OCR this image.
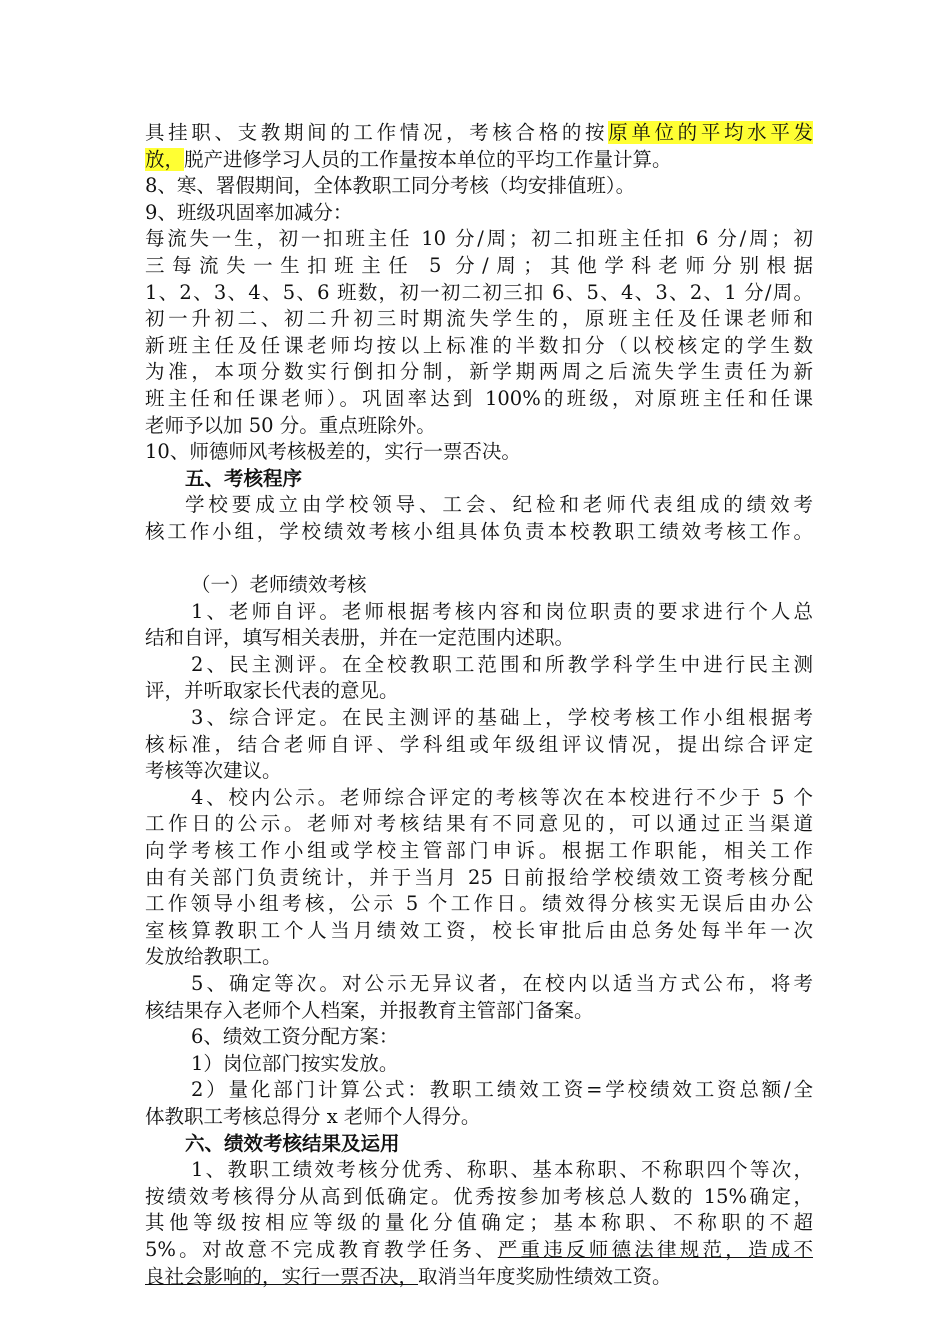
具挂职、支教期间的工作情况，考核合格的按原单位的平均水平发
放，脱产进修学习人员的工作量按本单位的平均工作量计算。
8、寒、署假期间，全体教职工同分考核（均安排值班）。
9、班级巩固率加减分：
每流失一生，初一扣班主任 10 分/周；初二扣班主任扣 6 分/周；初
三每流失一生扣班主任 5 分/周；其他学科老师分别根据
1、2、3、4、5、6 班数，初一初二初三扣 6、5、4、3、2、1 分/周。
初一升初二、初二升初三时期流失学生的，原班主任及任课老师和
新班主任及任课老师均按以上标准的半数扣分（以校核定的学生数
为准，本项分数实行倒扣分制，新学期两周之后流失学生责任为新
班主任和任课老师）。巩固率达到 100%的班级，对原班主任和任课
老师予以加 50 分。重点班除外。
10、师德师风考核极差的，实行一票否决。
五、考核程序
学校要成立由学校领导、工会、纪检和老师代表组成的绩效考
核工作小组，学校绩效考核小组具体负责本校教职工绩效考核工作。
（一）老师绩效考核
1、老师自评。老师根据考核内容和岗位职责的要求进行个人总
结和自评，填写相关表册，并在一定范围内述职。
2、民主测评。在全校教职工范围和所教学科学生中进行民主测
评，并听取家长代表的意见。
3、综合评定。在民主测评的基础上，学校考核工作小组根据考
核标准，结合老师自评、学科组或年级组评议情况，提出综合评定
考核等次建议。
4、校内公示。老师综合评定的考核等次在本校进行不少于 5 个
工作日的公示。老师对考核结果有不同意见的，可以通过正当渠道
向学考核工作小组或学校主管部门申诉。根据工作职能，相关工作
由有关部门负责统计，并于当月 25 日前报给学校绩效工资考核分配
工作领导小组考核，公示 5 个工作日。绩效得分核实无误后由办公
室核算教职工个人当月绩效工资，校长审批后由总务处每半年一次
发放给教职工。
5、确定等次。对公示无异议者，在校内以适当方式公布，将考
核结果存入老师个人档案，并报教育主管部门备案。
6、绩效工资分配方案：
1）岗位部门按实发放。
2）量化部门计算公式：教职工绩效工资=学校绩效工资总额/全
体教职工考核总得分 x 老师个人得分。
六、绩效考核结果及运用
1、教职工绩效考核分优秀、称职、基本称职、不称职四个等次，
按绩效考核得分从高到低确定。优秀按参加考核总人数的 15%确定，
其他等级按相应等级的量化分值确定；基本称职、不称职的不超
5%。对故意不完成教育教学任务、严重违反师德法律规范，造成不
良社会影响的，实行一票否决，取消当年度奖励性绩效工资。
